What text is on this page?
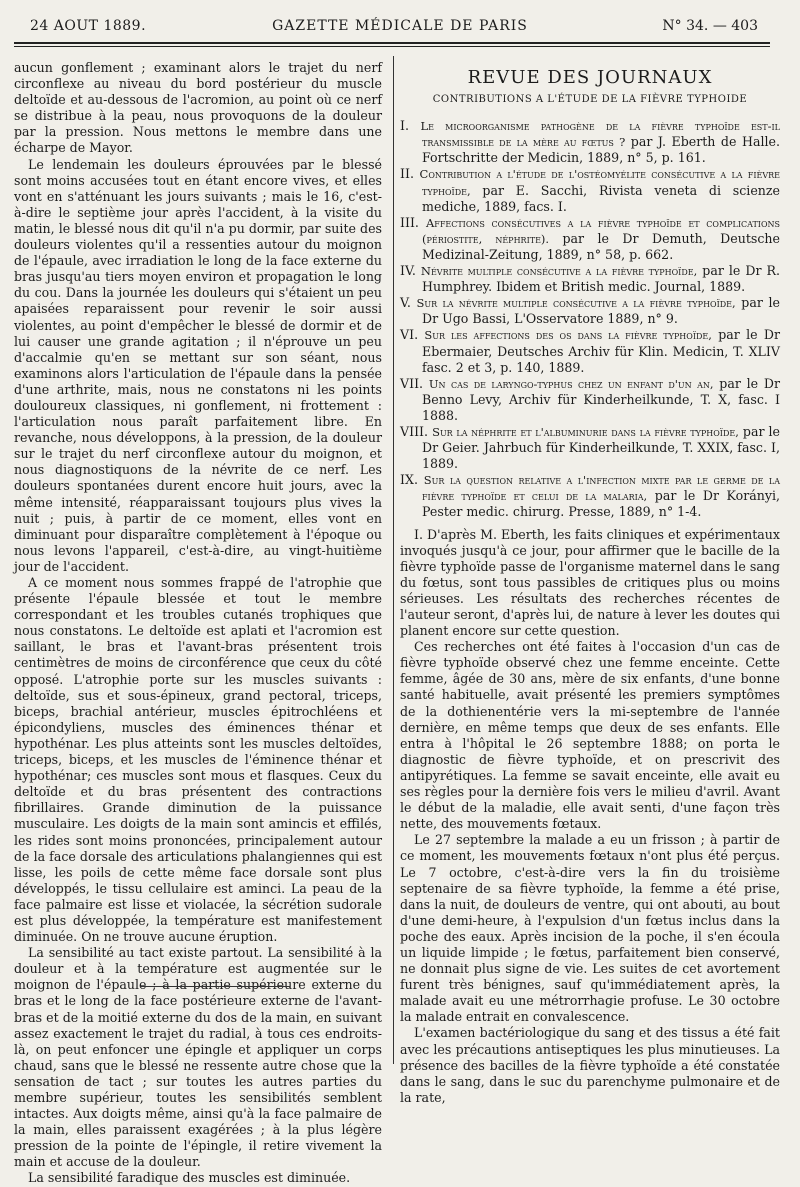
24 AOUT 1889.	GAZETTE MÉDICALE DE PARIS	N° 34. — 403

aucun gonflement ; examinant alors le trajet du nerf circonflexe au niveau du bord postérieur du muscle deltoïde et au-dessous de l'acromion, au point où ce nerf se distribue à la peau, nous provoquons de la douleur par la pression. Nous mettons le membre dans une écharpe de Mayor.

Le lendemain les douleurs éprouvées par le blessé sont moins accusées tout en étant encore vives, et elles vont en s'atténuant les jours suivants ; mais le 16, c'est-à-dire le septième jour après l'accident, à la visite du matin, le blessé nous dit qu'il n'a pu dormir, par suite des douleurs violentes qu'il a ressenties autour du moignon de l'épaule, avec irradiation le long de la face externe du bras jusqu'au tiers moyen environ et propagation le long du cou. Dans la journée les douleurs qui s'étaient un peu apaisées reparaissent pour revenir le soir aussi violentes, au point d'empêcher le blessé de dormir et de lui causer une grande agitation ; il n'éprouve un peu d'accalmie qu'en se mettant sur son séant, nous examinons alors l'articulation de l'épaule dans la pensée d'une arthrite, mais, nous ne constatons ni les points douloureux classiques, ni gonflement, ni frottement : l'articulation nous paraît parfaitement libre. En revanche, nous développons, à la pression, de la douleur sur le trajet du nerf circonflexe autour du moignon, et nous diagnostiquons de la névrite de ce nerf. Les douleurs spontanées durent encore huit jours, avec la même intensité, réapparaissant toujours plus vives la nuit ; puis, à partir de ce moment, elles vont en diminuant pour disparaître complètement à l'époque ou nous levons l'appareil, c'est-à-dire, au vingt-huitième jour de l'accident.

A ce moment nous sommes frappé de l'atrophie que présente l'épaule blessée et tout le membre correspondant et les troubles cutanés trophiques que nous constatons. Le deltoïde est aplati et l'acromion est saillant, le bras et l'avant-bras présentent trois centimètres de moins de circonférence que ceux du côté opposé. L'atrophie porte sur les muscles suivants : deltoïde, sus et sous-épineux, grand pectoral, triceps, biceps, brachial antérieur, muscles épitrochléens et épicondyliens, muscles des éminences thénar et hypothénar. Les plus atteints sont les muscles deltoïdes, triceps, biceps, et les muscles de l'éminence thénar et hypothénar; ces muscles sont mous et flasques. Ceux du deltoïde et du bras présentent des contractions fibrillaires. Grande diminution de la puissance musculaire. Les doigts de la main sont amincis et effilés, les rides sont moins prononcées, principalement autour de la face dorsale des articulations phalangiennes qui est lisse, les poils de cette même face dorsale sont plus développés, le tissu cellulaire est aminci. La peau de la face palmaire est lisse et violacée, la sécrétion sudorale est plus développée, la température est manifestement diminuée. On ne trouve aucune éruption.

La sensibilité au tact existe partout. La sensibilité à la douleur et à la température est augmentée sur le moignon de l'épaule ; à la partie supérieure externe du bras et le long de la face postérieure externe de l'avant-bras et de la moitié externe du dos de la main, en suivant assez exactement le trajet du radial, à tous ces endroits-là, on peut enfoncer une épingle et appliquer un corps chaud, sans que le blessé ne ressente autre chose que la sensation de tact ; sur toutes les autres parties du membre supérieur, toutes les sensibilités semblent intactes. Aux doigts même, ainsi qu'à la face palmaire de la main, elles paraissent exagérées ; à la plus légère pression de la pointe de l'épingle, il retire vivement la main et accuse de la douleur.

La sensibilité faradique des muscles est diminuée.

REVUE DES JOURNAUX
CONTRIBUTIONS A L'ÉTUDE DE LA FIÈVRE TYPHOIDE

I. Le microorganisme pathogène de la fièvre typhoïde est-il transmissible de la mère au fœtus ? par J. Eberth de Halle. Fortschritte der Medicin, 1889, n° 5, p. 161.

II. Contribution a l'étude de l'ostéomyélite consécutive a la fièvre typhoïde, par E. Sacchi, Rivista veneta di scienze mediche, 1889, facs. I.

III. Affections consécutives a la fièvre typhoïde et complications (périostite, néphrite). par le Dr Demuth, Deutsche Medizinal-Zeitung, 1889, n° 58, p. 662.

IV. Névrite multiple consécutive a la fièvre typhoïde, par le Dr R. Humphrey. Ibidem et British medic. Journal, 1889.

V. Sur la névrite multiple consécutive a la fièvre typhoïde, par le Dr Ugo Bassi, L'Osservatore 1889, n° 9.

VI. Sur les affections des os dans la fièvre typhoïde, par le Dr Ebermaier, Deutsches Archiv für Klin. Medicin, T. XLIV fasc. 2 et 3, p. 140, 1889.

VII. Un cas de laryngo-typhus chez un enfant d'un an, par le Dr Benno Levy, Archiv für Kinderheilkunde, T. X, fasc. I 1888.

VIII. Sur la néphrite et l'albuminurie dans la fièvre typhoïde, par le Dr Geier. Jahrbuch für Kinderheilkunde, T. XXIX, fasc. I, 1889.

IX. Sur la question relative a l'infection mixte par le germe de la fièvre typhoïde et celui de la malaria, par le Dr Korányi, Pester medic. chirurg. Presse, 1889, n° 1-4.

I. D'après M. Eberth, les faits cliniques et expérimentaux invoqués jusqu'à ce jour, pour affirmer que le bacille de la fièvre typhoïde passe de l'organisme maternel dans le sang du fœtus, sont tous passibles de critiques plus ou moins sérieuses. Les résultats des recherches récentes de l'auteur seront, d'après lui, de nature à lever les doutes qui planent encore sur cette question.

Ces recherches ont été faites à l'occasion d'un cas de fièvre typhoïde observé chez une femme enceinte. Cette femme, âgée de 30 ans, mère de six enfants, d'une bonne santé habituelle, avait présenté les premiers symptômes de la dothienentérie vers la mi-septembre de l'année dernière, en même temps que deux de ses enfants. Elle entra à l'hôpital le 26 septembre 1888; on porta le diagnostic de fièvre typhoïde, et on prescrivit des antipyrétiques. La femme se savait enceinte, elle avait eu ses règles pour la dernière fois vers le milieu d'avril. Avant le début de la maladie, elle avait senti, d'une façon très nette, des mouvements fœtaux.

Le 27 septembre la malade a eu un frisson ; à partir de ce moment, les mouvements fœtaux n'ont plus été perçus. Le 7 octobre, c'est-à-dire vers la fin du troisième septenaire de sa fièvre typhoïde, la femme a été prise, dans la nuit, de douleurs de ventre, qui ont abouti, au bout d'une demi-heure, à l'expulsion d'un fœtus inclus dans la poche des eaux. Après incision de la poche, il s'en écoula un liquide limpide ; le fœtus, parfaitement bien conservé, ne donnait plus signe de vie. Les suites de cet avortement furent très bénignes, sauf qu'immédiatement après, la malade avait eu une métrorrhagie profuse. Le 30 octobre la malade entrait en convalescence.

L'examen bactériologique du sang et des tissus a été fait avec les précautions antiseptiques les plus minutieuses. La présence des bacilles de la fièvre typhoïde a été constatée dans le sang, dans le suc du parenchyme pulmonaire et de la rate,
